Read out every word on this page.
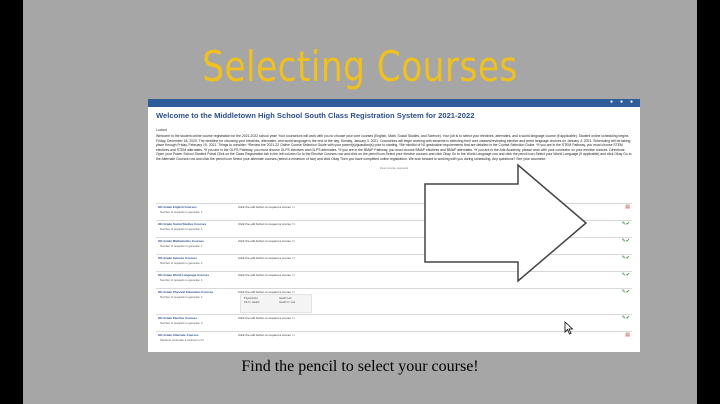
Selecting Courses
●	●	●
Welcome to the Middletown High School South Class Registration System for 2021-2022
Locked
Welcome to the student online course registration for the 2021-2022 school year! Your counselors will work with you to choose your core courses (English, Math, Social Studies, and Science). Your job is to select your electives, alternates, and a world language course (if applicable). Student online scheduling begins Friday, December 18, 2020. The deadline for choosing your electives, alternates, and world language is the end of the day, Sunday, January 3, 2021. Counselors will begin working with students in selecting their core classes/reviewing elective and world language choices on January 4, 2021. Scheduling will be taking place through Friday, February 19, 2021. Things to consider: *Review the 2021-22 Online Course Selection Guide with your parent(s)/guardian(s) prior to starting. *Be mindful of NJ graduation requirements that are detailed in the Course Selection Guide. *If you are in the STEM Pathway, you must choose STEM electives and STEM alternates. *If you are in the GLPS Pathway, you must choose GLPS electives and GLPS alternates. *If you are in the BMAP Pathway, you must choose BMAP electives and BMAP alternates. *If you are in the Arts Academy, please work with your counselor on your elective choices. Directions: Open your Power School Student Portal Click on the Class Registration tab in the left column Go to the Elective Courses row and click on the pencil icon Select your elective courses and click Okay Go to the World Language row and click the pencil icon Select your World Language (if applicable) and click Okay Go to the Alternate Courses row and click the pencil icon Select your alternate courses (select a minimum of two) and click Okay Then you have completed online registration. We look forward to working with you during scheduling. Any questions? See your counselor.
View course requests
9th Grade English Courses
Number of requests to generate: 1
Click the edit button to request a course >>	▤
9th Grade Social Studies Courses
Number of requests to generate: 1
Click the edit button to request a course >>	✎✔
9th Grade Mathematics Courses
Number of requests to generate: 1
Click the edit button to request a course >>	✎✔
9th Grade Science Courses
Number of requests to generate: 1
Click the edit button to request a course >>	✎✔
9th Grade World Language Courses
Number of requests to generate: 1
Click the edit button to request a course >>	✎✔
9th Grade Physical Education Courses
Number of requests to generate: 1
Click the edit button to request a course >>	✎✔
Physical Ed
PE 9 / Health
Health Lab
Health 9 / Lab
9th Grade Elective Courses
Number of requests to generate: 2
Click the edit button to request a course >>	✎✔
9th Grade Alternate Courses
Students must take a minimum of 2
Click the edit button to request a course >>	▤
Find the pencil to select your course!
